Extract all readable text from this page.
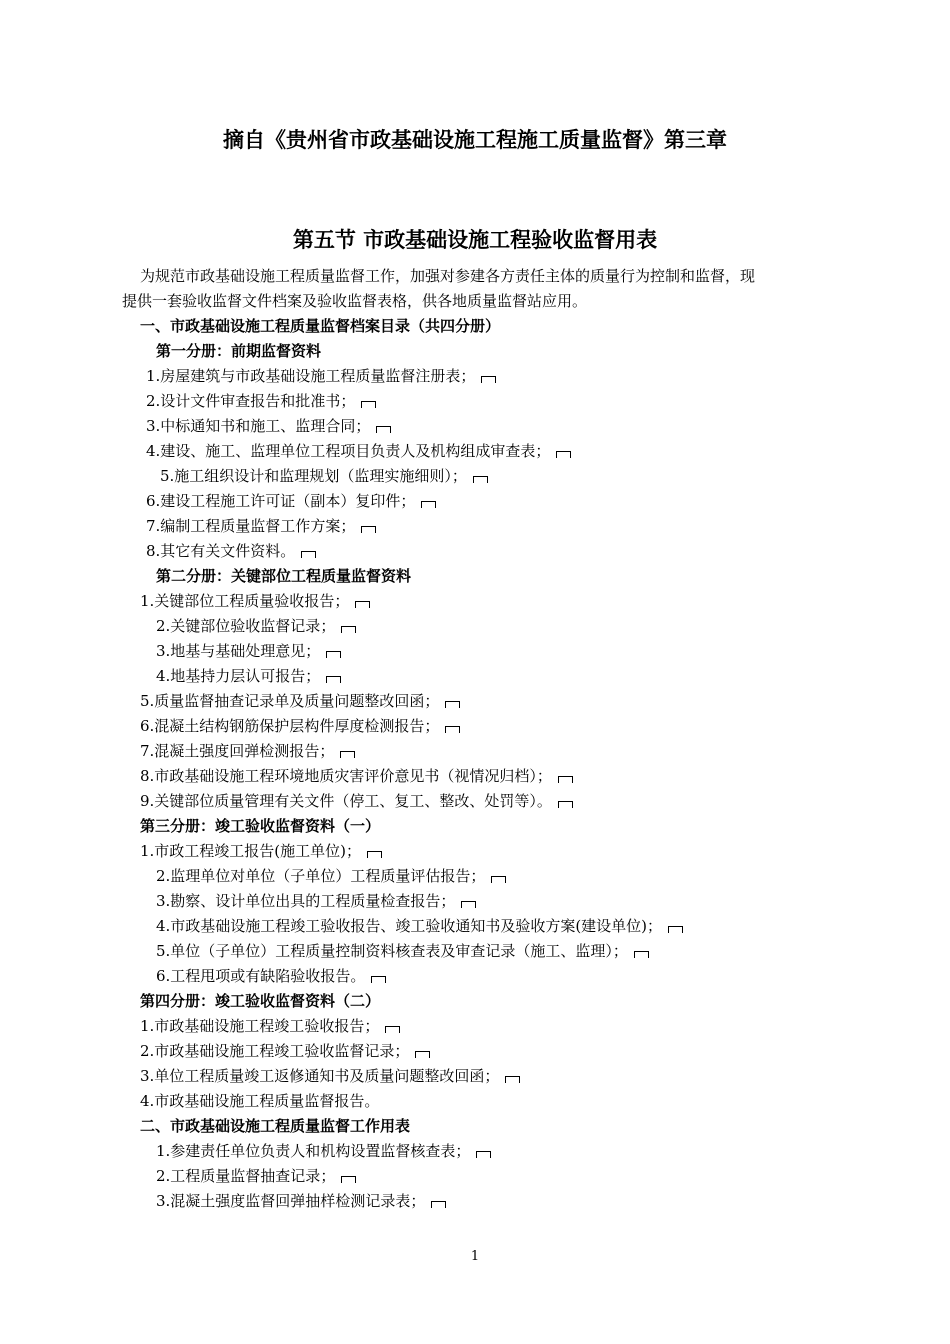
摘自《贵州省市政基础设施工程施工质量监督》第三章
第五节 市政基础设施工程验收监督用表

为规范市政基础设施工程质量监督工作，加强对参建各方责任主体的质量行为控制和监督，现

提供一套验收监督文件档案及验收监督表格，供各地质量监督站应用。

一、市政基础设施工程质量监督档案目录（共四分册）
第一分册：前期监督资料
1.房屋建筑与市政基础设施工程质量监督注册表；
2.设计文件审查报告和批准书；
3.中标通知书和施工、监理合同；
4.建设、施工、监理单位工程项目负责人及机构组成审查表；
5.施工组织设计和监理规划（监理实施细则）；
6.建设工程施工许可证（副本）复印件；
7.编制工程质量监督工作方案；
8.其它有关文件资料。
第二分册：关键部位工程质量监督资料
1.关键部位工程质量验收报告；
2.关键部位验收监督记录；
3.地基与基础处理意见；
4.地基持力层认可报告；
5.质量监督抽查记录单及质量问题整改回函；
6.混凝土结构钢筋保护层构件厚度检测报告；
7.混凝土强度回弹检测报告；
8.市政基础设施工程环境地质灾害评价意见书（视情况归档）；
9.关键部位质量管理有关文件（停工、复工、整改、处罚等）。
第三分册：竣工验收监督资料（一）
1.市政工程竣工报告(施工单位)；
2.监理单位对单位（子单位）工程质量评估报告；
3.勘察、设计单位出具的工程质量检查报告；
4.市政基础设施工程竣工验收报告、竣工验收通知书及验收方案(建设单位)；
5.单位（子单位）工程质量控制资料核查表及审查记录（施工、监理）；
6.工程甩项或有缺陷验收报告。
第四分册：竣工验收监督资料（二）
1.市政基础设施工程竣工验收报告；
2.市政基础设施工程竣工验收监督记录；
3.单位工程质量竣工返修通知书及质量问题整改回函；
4.市政基础设施工程质量监督报告。
二、市政基础设施工程质量监督工作用表
1.参建责任单位负责人和机构设置监督核查表；
2.工程质量监督抽查记录；
3.混凝土强度监督回弹抽样检测记录表；
1
